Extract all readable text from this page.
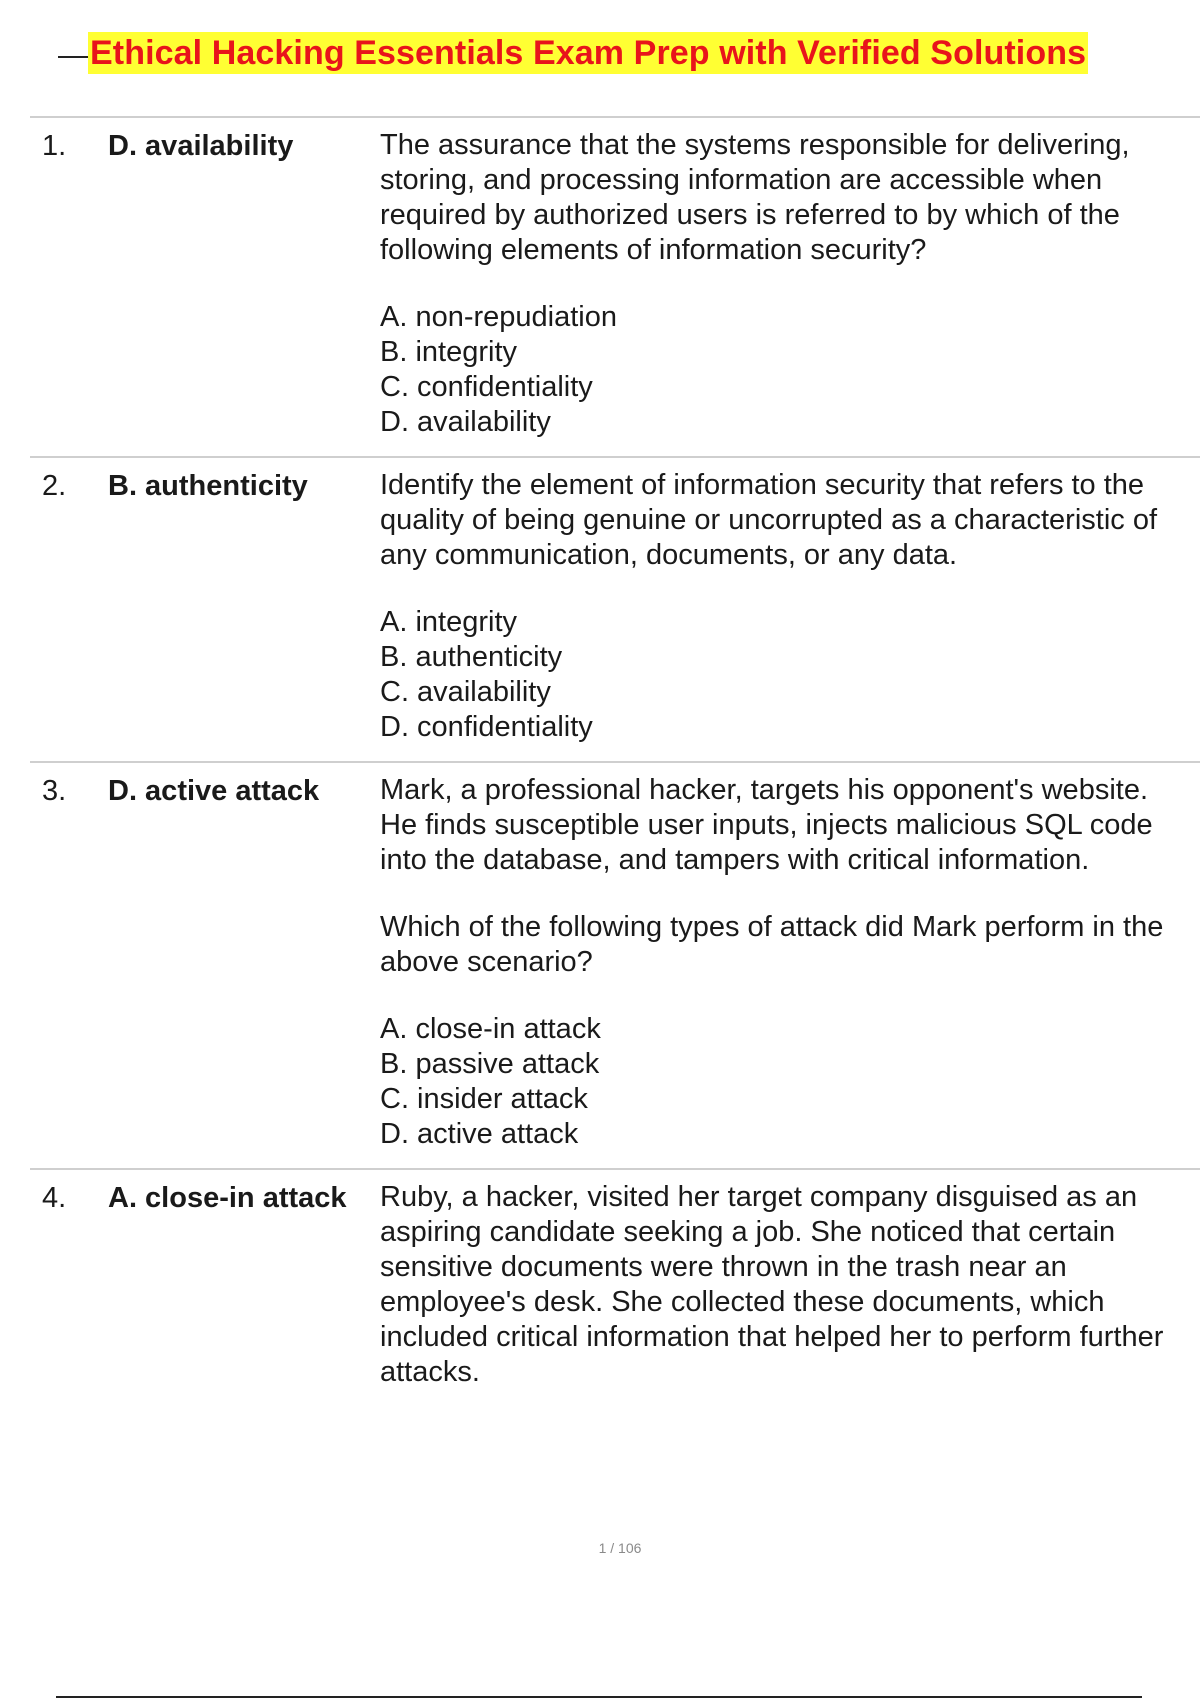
Ethical Hacking Essentials Exam Prep with Verified Solutions
1.	D. availability	The assurance that the systems responsible for delivering, storing, and processing information are accessible when required by authorized users is referred to by which of the following elements of information security?

A. non-repudiation
B. integrity
C. confidentiality
D. availability
2.	B. authenticity	Identify the element of information security that refers to the quality of being genuine or uncorrupted as a characteristic of any communication, documents, or any data.

A. integrity
B. authenticity
C. availability
D. confidentiality
3.	D. active attack	Mark, a professional hacker, targets his opponent's website. He finds susceptible user inputs, injects malicious SQL code into the database, and tampers with critical information.

Which of the following types of attack did Mark perform in the above scenario?

A. close-in attack
B. passive attack
C. insider attack
D. active attack
4.	A. close-in attack	Ruby, a hacker, visited her target company disguised as an aspiring candidate seeking a job. She noticed that certain sensitive documents were thrown in the trash near an employee's desk. She collected these documents, which included critical information that helped her to perform further attacks.

1 / 106
